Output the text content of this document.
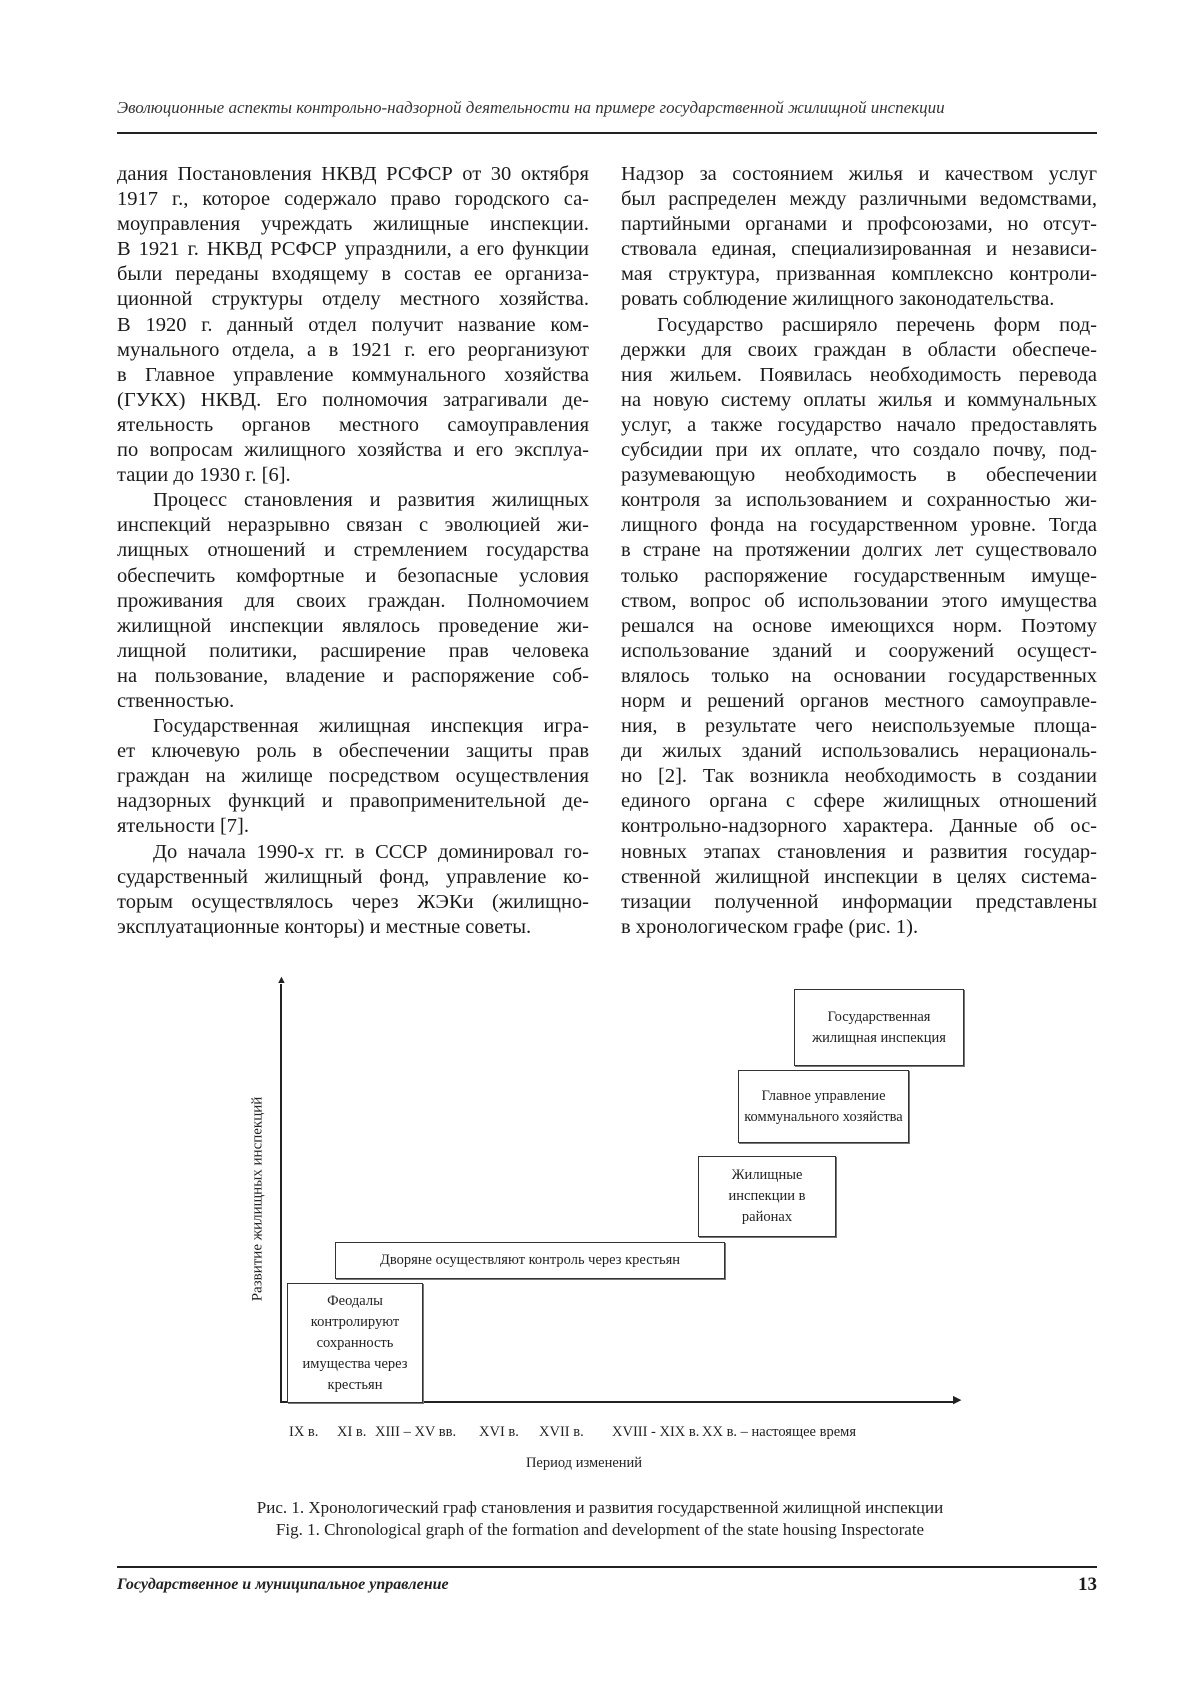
Эволюционные аспекты контрольно-надзорной деятельности на примере государственной жилищной инспекции
дания Постановления НКВД РСФСР от 30 октября
1917 г., которое содержало право городского са-
моуправления учреждать жилищные инспекции.
В 1921 г. НКВД РСФСР упразднили, а его функции
были переданы входящему в состав ее организа-
ционной структуры отделу местного хозяйства.
В 1920 г. данный отдел получит название ком-
мунального отдела, а в 1921 г. его реорганизуют
в Главное управление коммунального хозяйства
(ГУКХ) НКВД. Его полномочия затрагивали де-
ятельность органов местного самоуправления
по вопросам жилищного хозяйства и его эксплуа-
тации до 1930 г. [6].
Процесс становления и развития жилищных
инспекций неразрывно связан с эволюцией жи-
лищных отношений и стремлением государства
обеспечить комфортные и безопасные условия
проживания для своих граждан. Полномочием
жилищной инспекции являлось проведение жи-
лищной политики, расширение прав человека
на пользование, владение и распоряжение соб-
ственностью.
Государственная жилищная инспекция игра-
ет ключевую роль в обеспечении защиты прав
граждан на жилище посредством осуществления
надзорных функций и правоприменительной де-
ятельности [7].
До начала 1990-х гг. в СССР доминировал го-
сударственный жилищный фонд, управление ко-
торым осуществлялось через ЖЭКи (жилищно-
эксплуатационные конторы) и местные советы.
Надзор за состоянием жилья и качеством услуг
был распределен между различными ведомствами,
партийными органами и профсоюзами, но отсут-
ствовала единая, специализированная и независи-
мая структура, призванная комплексно контроли-
ровать соблюдение жилищного законодательства.
Государство расширяло перечень форм под-
держки для своих граждан в области обеспече-
ния жильем. Появилась необходимость перевода
на новую систему оплаты жилья и коммунальных
услуг, а также государство начало предоставлять
субсидии при их оплате, что создало почву, под-
разумевающую необходимость в обеспечении
контроля за использованием и сохранностью жи-
лищного фонда на государственном уровне. Тогда
в стране на протяжении долгих лет существовало
только распоряжение государственным имуще-
ством, вопрос об использовании этого имущества
решался на основе имеющихся норм. Поэтому
использование зданий и сооружений осущест-
влялось только на основании государственных
норм и решений органов местного самоуправле-
ния, в результате чего неиспользуемые площа-
ди жилых зданий использовались нерациональ-
но [2]. Так возникла необходимость в создании
единого органа с сфере жилищных отношений
контрольно-надзорного характера. Данные об ос-
новных этапах становления и развития государ-
ственной жилищной инспекции в целях система-
тизации полученной информации представлены
в хронологическом графе (рис. 1).
▲
▶
Развитие жилищных инспекций	Феодалы контролируют сохранность имущества через крестьян
Дворяне осуществляют контроль через крестьян
Жилищные инспекции в районах
Главное управление коммунального хозяйства
Государственная жилищная инспекция
IX в. XI в. XIII – XV вв. XVI в. XVII в. XVIII - XIX в. XX в. – настоящее время
Период изменений
Рис. 1. Хронологический граф становления и развития государственной жилищной инспекции
Fig. 1. Chronological graph of the formation and development of the state housing Inspectorate
Государственное и муниципальное управление	13
